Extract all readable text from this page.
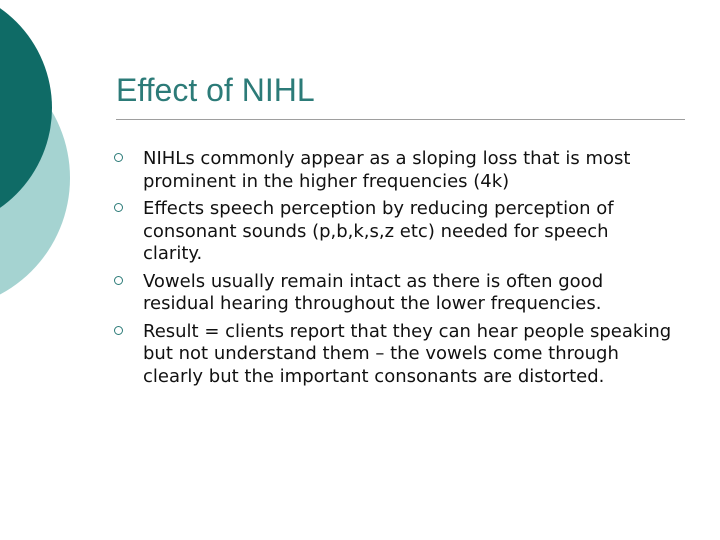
Effect of NIHL
NIHLs commonly appear as a sloping loss that is most prominent in the higher frequencies (4k)
Effects speech perception by reducing perception of consonant sounds (p,b,k,s,z etc) needed for speech clarity.
Vowels usually remain intact as there is often good residual hearing throughout the lower frequencies.
Result = clients report that they can hear people speaking but not understand them – the vowels come through clearly but the important consonants are distorted.
